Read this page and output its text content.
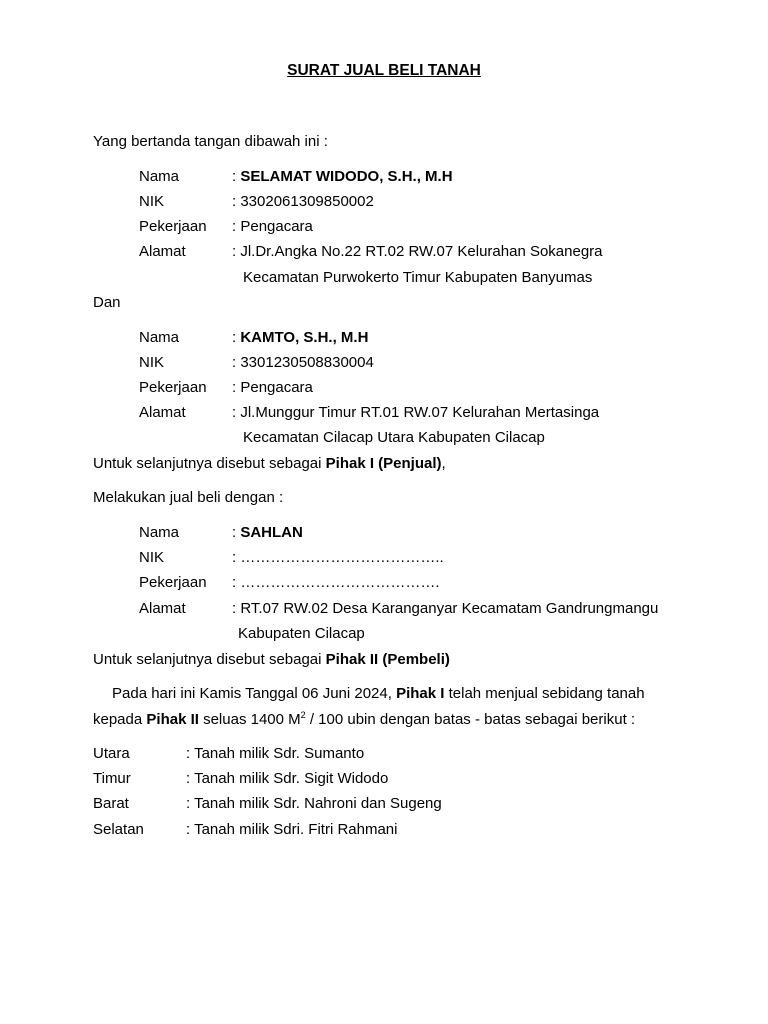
SURAT JUAL BELI TANAH
Yang bertanda tangan dibawah ini :
Nama	: SELAMAT WIDODO, S.H., M.H
NIK	: 3302061309850002
Pekerjaan : Pengacara
Alamat	: Jl.Dr.Angka No.22 RT.02 RW.07 Kelurahan Sokanegra
Kecamatan Purwokerto Timur Kabupaten Banyumas
Dan
Nama	: KAMTO, S.H., M.H
NIK	: 3301230508830004
Pekerjaan : Pengacara
Alamat	: Jl.Munggur Timur RT.01 RW.07 Kelurahan Mertasinga
Kecamatan Cilacap Utara Kabupaten Cilacap
Untuk selanjutnya disebut sebagai Pihak I (Penjual),
Melakukan jual beli dengan :
Nama	: SAHLAN
NIK	: …………………………………..
Pekerjaan : ………………………………….
Alamat	: RT.07 RW.02 Desa Karanganyar Kecamatam Gandrungmangu
Kabupaten Cilacap
Untuk selanjutnya disebut sebagai Pihak II (Pembeli)
Pada hari ini Kamis Tanggal 06 Juni 2024, Pihak I telah menjual sebidang tanah
kepada Pihak II seluas 1400 $M^2 / 100$ ubin dengan batas - batas sebagai berikut :
Utara	: Tanah milik Sdr. Sumanto
Timur	: Tanah milik Sdr. Sigit Widodo
Barat	: Tanah milik Sdr. Nahroni dan Sugeng
Selatan	: Tanah milik Sdri. Fitri Rahmani
